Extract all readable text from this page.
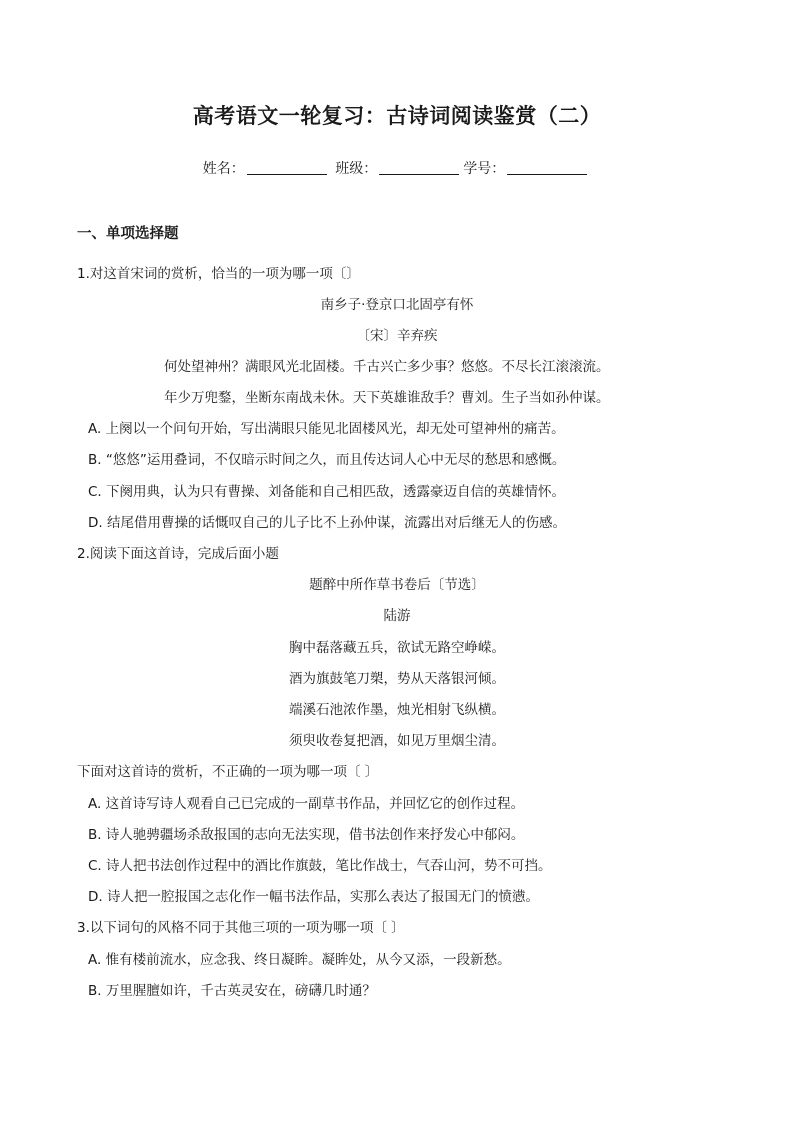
高考语文一轮复习：古诗词阅读鉴赏（二）
姓名：	班级：	学号：
一、单项选择题
1.对这首宋词的赏析，恰当的一项为哪一项〔〕
南乡子·登京口北固亭有怀
〔宋〕辛弃疾
何处望神州？满眼风光北固楼。千古兴亡多少事？悠悠。不尽长江滚滚流。
年少万兜鍪，坐断东南战未休。天下英雄谁敌手？曹刘。生子当如孙仲谋。
A. 上阕以一个问句开始，写出满眼只能见北固楼风光，却无处可望神州的痛苦。
B. “悠悠”运用叠词，不仅暗示时间之久，而且传达词人心中无尽的愁思和感慨。
C. 下阕用典，认为只有曹操、刘备能和自己相匹敌，透露豪迈自信的英雄情怀。
D. 结尾借用曹操的话慨叹自己的儿子比不上孙仲谋，流露出对后继无人的伤感。
2.阅读下面这首诗，完成后面小题
题醉中所作草书卷后〔节选〕
陆游
胸中磊落藏五兵，欲试无路空峥嵘。
酒为旗鼓笔刀槊，势从天落银河倾。
端溪石池浓作墨，烛光相射飞纵横。
须臾收卷复把酒，如见万里烟尘清。
下面对这首诗的赏析，不正确的一项为哪一项〔 〕
A. 这首诗写诗人观看自己已完成的一副草书作品，并回忆它的创作过程。
B. 诗人驰骋疆场杀敌报国的志向无法实现，借书法创作来抒发心中郁闷。
C. 诗人把书法创作过程中的酒比作旗鼓，笔比作战士，气吞山河，势不可挡。
D. 诗人把一腔报国之志化作一幅书法作品，实那么表达了报国无门的愤懑。
3.以下词句的风格不同于其他三项的一项为哪一项〔 〕
A. 惟有楼前流水，应念我、终日凝眸。凝眸处，从今又添，一段新愁。
B. 万里腥膻如许，千古英灵安在，磅礴几时通？
